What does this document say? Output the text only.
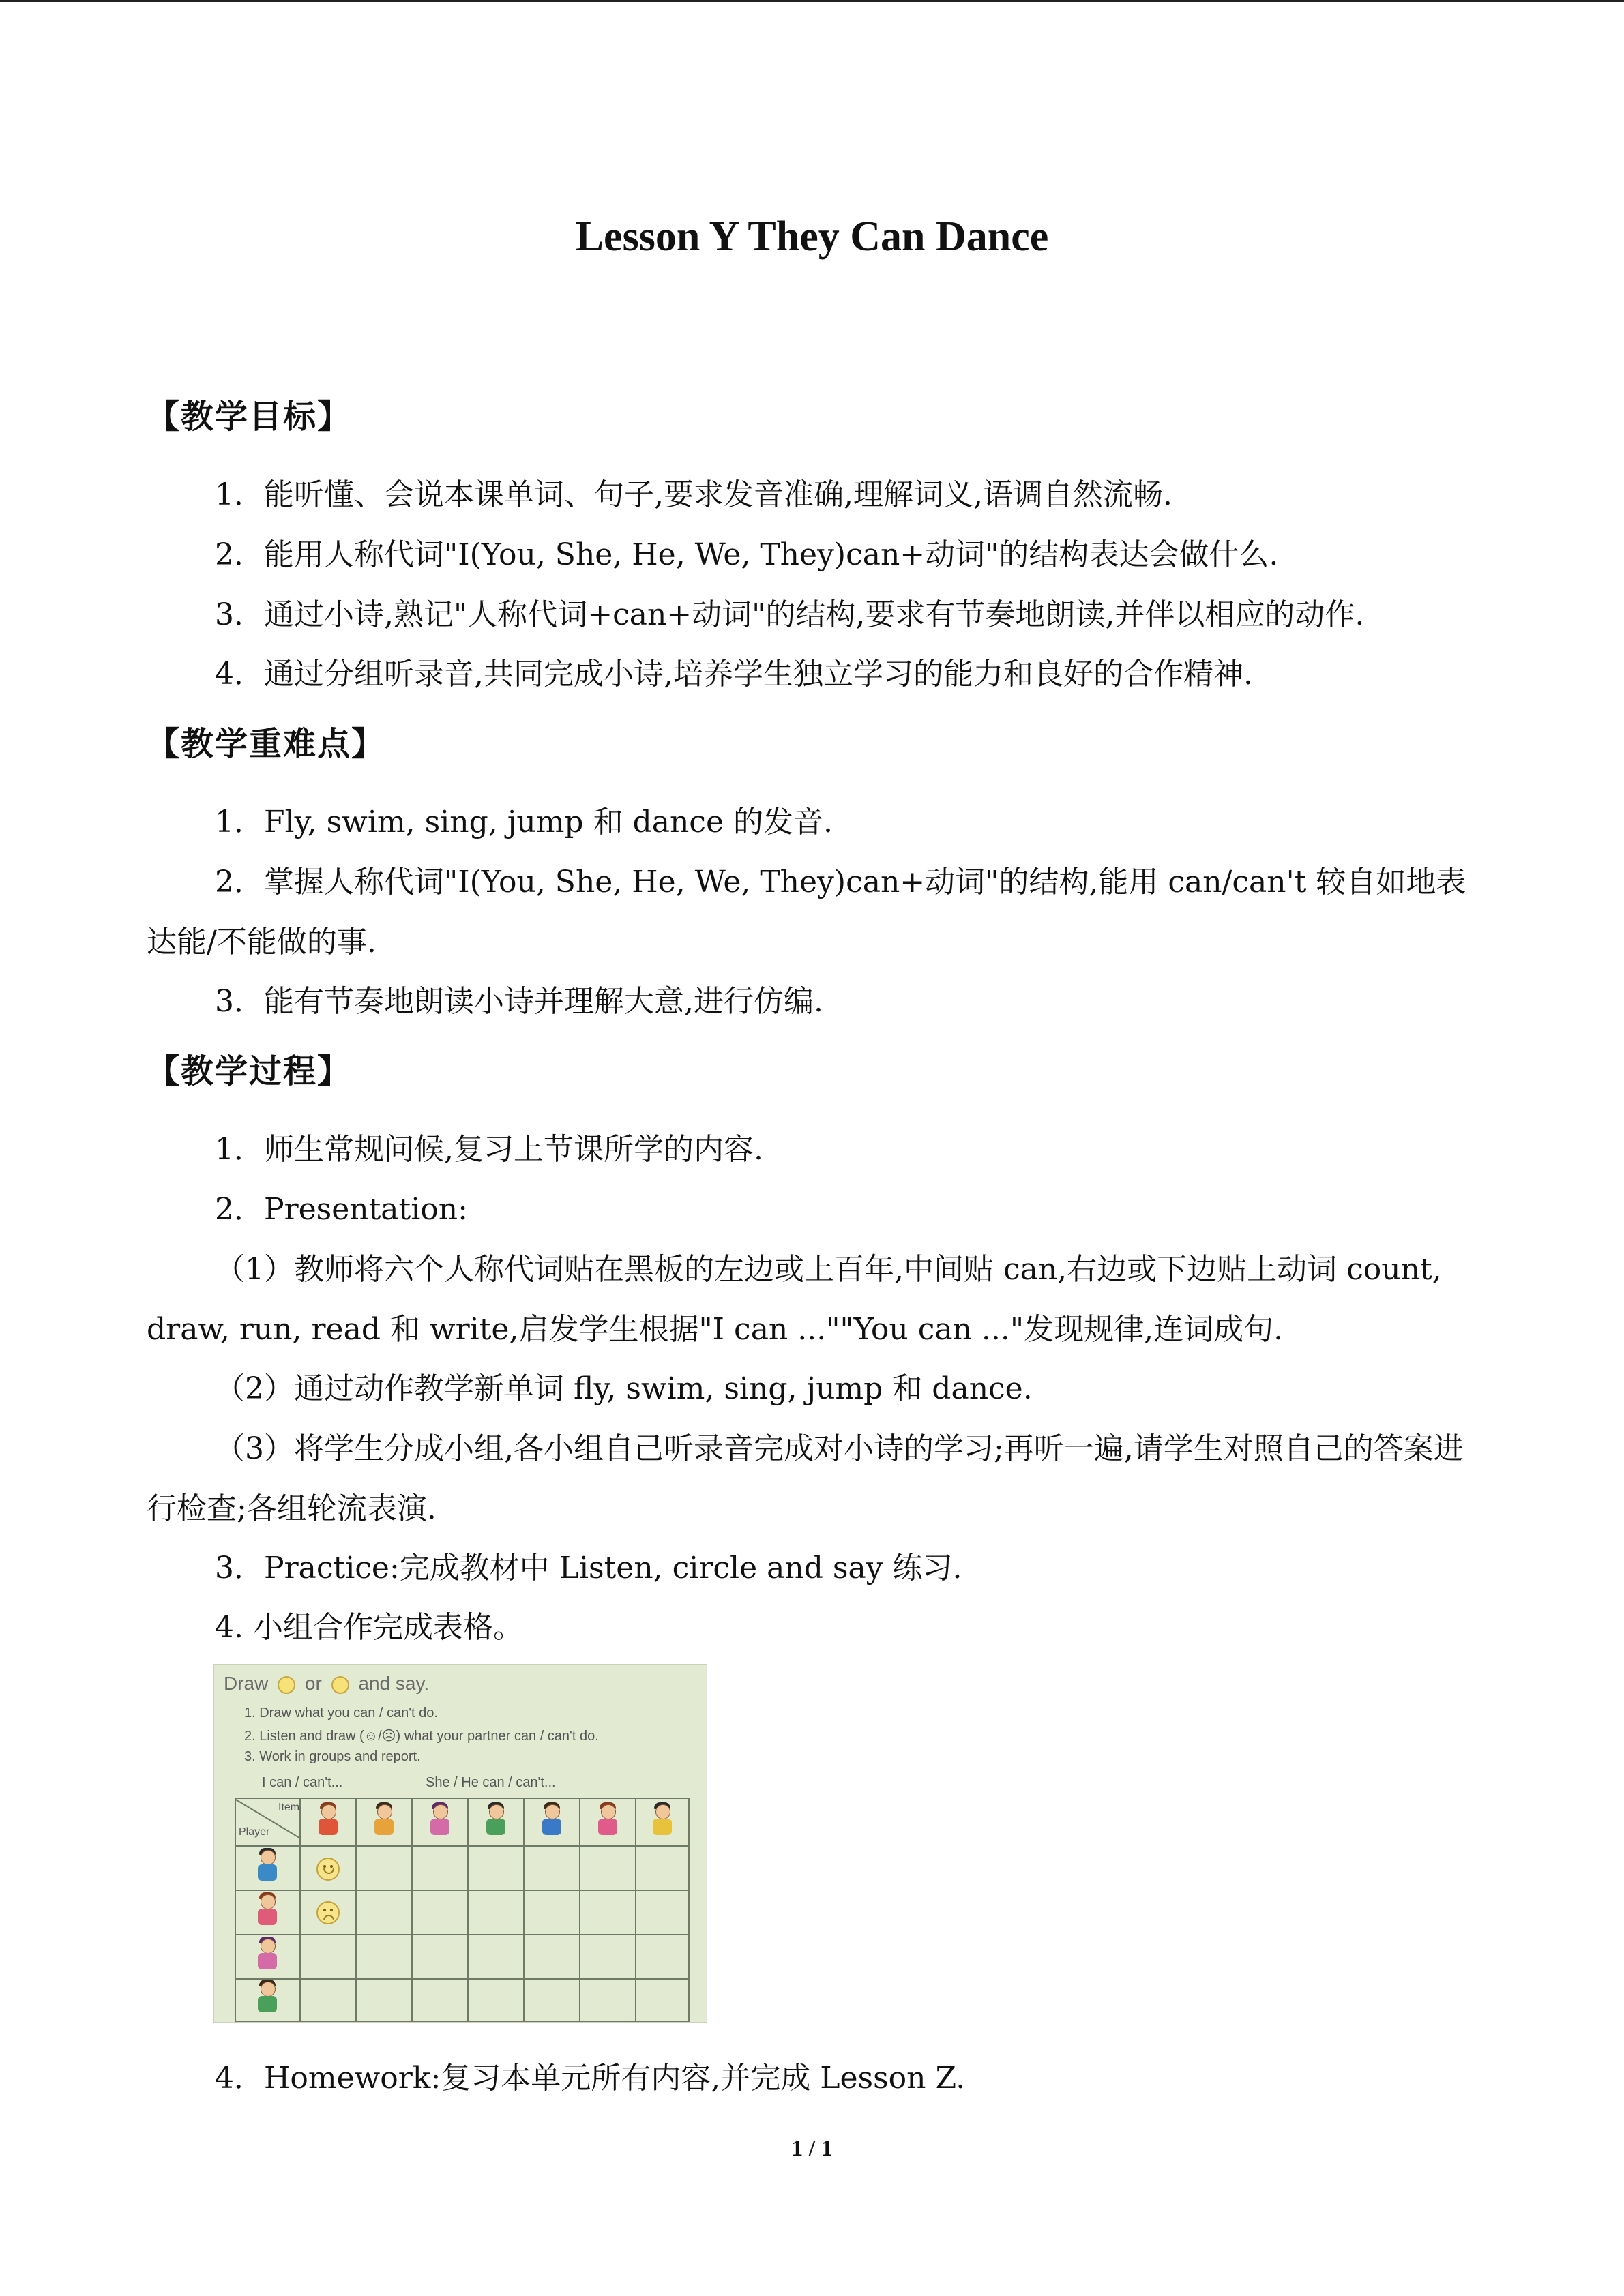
Lesson Y They Can Dance
【教学目标】
1．能听懂、会说本课单词、句子,要求发音准确,理解词义,语调自然流畅.
2．能用人称代词"I(You, She, He, We, They)can+动词"的结构表达会做什么.
3．通过小诗,熟记"人称代词+can+动词"的结构,要求有节奏地朗读,并伴以相应的动作.
4．通过分组听录音,共同完成小诗,培养学生独立学习的能力和良好的合作精神.
【教学重难点】
1．Fly, swim, sing, jump 和 dance 的发音.
2．掌握人称代词"I(You, She, He, We, They)can+动词"的结构,能用 can/can't 较自如地表达能/不能做的事.
3．能有节奏地朗读小诗并理解大意,进行仿编.
【教学过程】
1．师生常规问候,复习上节课所学的内容.
2．Presentation:
（1）教师将六个人称代词贴在黑板的左边或上百年,中间贴 can,右边或下边贴上动词 count, draw, run, read 和 write,启发学生根据"I can ...""You can ..."发现规律,连词成句.
（2）通过动作教学新单词 fly, swim, sing, jump 和 dance.
（3）将学生分成小组,各小组自己听录音完成对小诗的学习;再听一遍,请学生对照自己的答案进行检查;各组轮流表演.
3．Practice:完成教材中 Listen, circle and say 练习.
4. 小组合作完成表格。
Draw or and say.
1. Draw what you can / can't do.
2. Listen and draw (☺/☹) what your partner can / can't do.
3. Work in groups and report.
I can / can't...	She / He can / can't...
Item
Player
4．Homework:复习本单元所有内容,并完成 Lesson Z.
1 / 1
